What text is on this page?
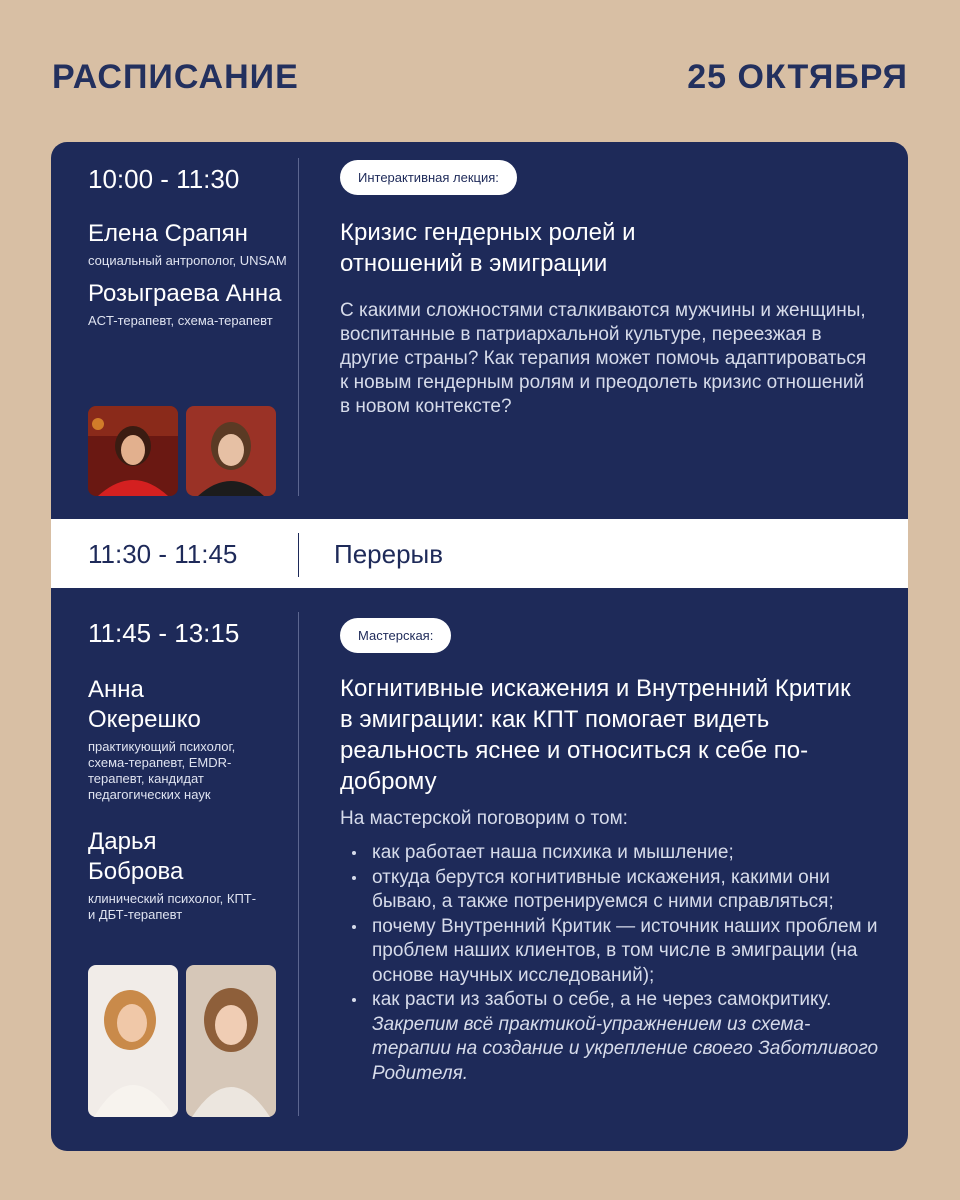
РАСПИСАНИЕ	25 ОКТЯБРЯ
10:00 - 11:30
Елена Срапян
социальный антрополог, UNSAM
Розыграева Анна
ACT-терапевт, схема-терапевт
Интерактивная лекция:
Кризис гендерных ролей и отношений в эмиграции
С какими сложностями сталкиваются мужчины и женщины, воспитанные в патриархальной культуре, переезжая в другие страны? Как терапия может помочь адаптироваться к новым гендерным ролям и преодолеть кризис отношений в новом контексте?
11:30 - 11:45	Перерыв
11:45 - 13:15
Анна Окерешко
практикующий психолог, схема-терапевт, EMDR-терапевт, кандидат педагогических наук
Дарья Боброва
клинический психолог, КПТ- и ДБТ-терапевт
Мастерская:
Когнитивные искажения и Внутренний Критик в эмиграции: как КПТ помогает видеть реальность яснее и относиться к себе по-доброму
На мастерской поговорим о том:
как работает наша психика и мышление;
откуда берутся когнитивные искажения, какими они бываю, а также потренируемся с ними справляться;
почему Внутренний Критик — источник наших проблем и проблем наших клиентов, в том числе в эмиграции (на основе научных исследований);
как расти из заботы о себе, а не через самокритику. Закрепим всё практикой-упражнением из схема-терапии на создание и укрепление своего Заботливого Родителя.
